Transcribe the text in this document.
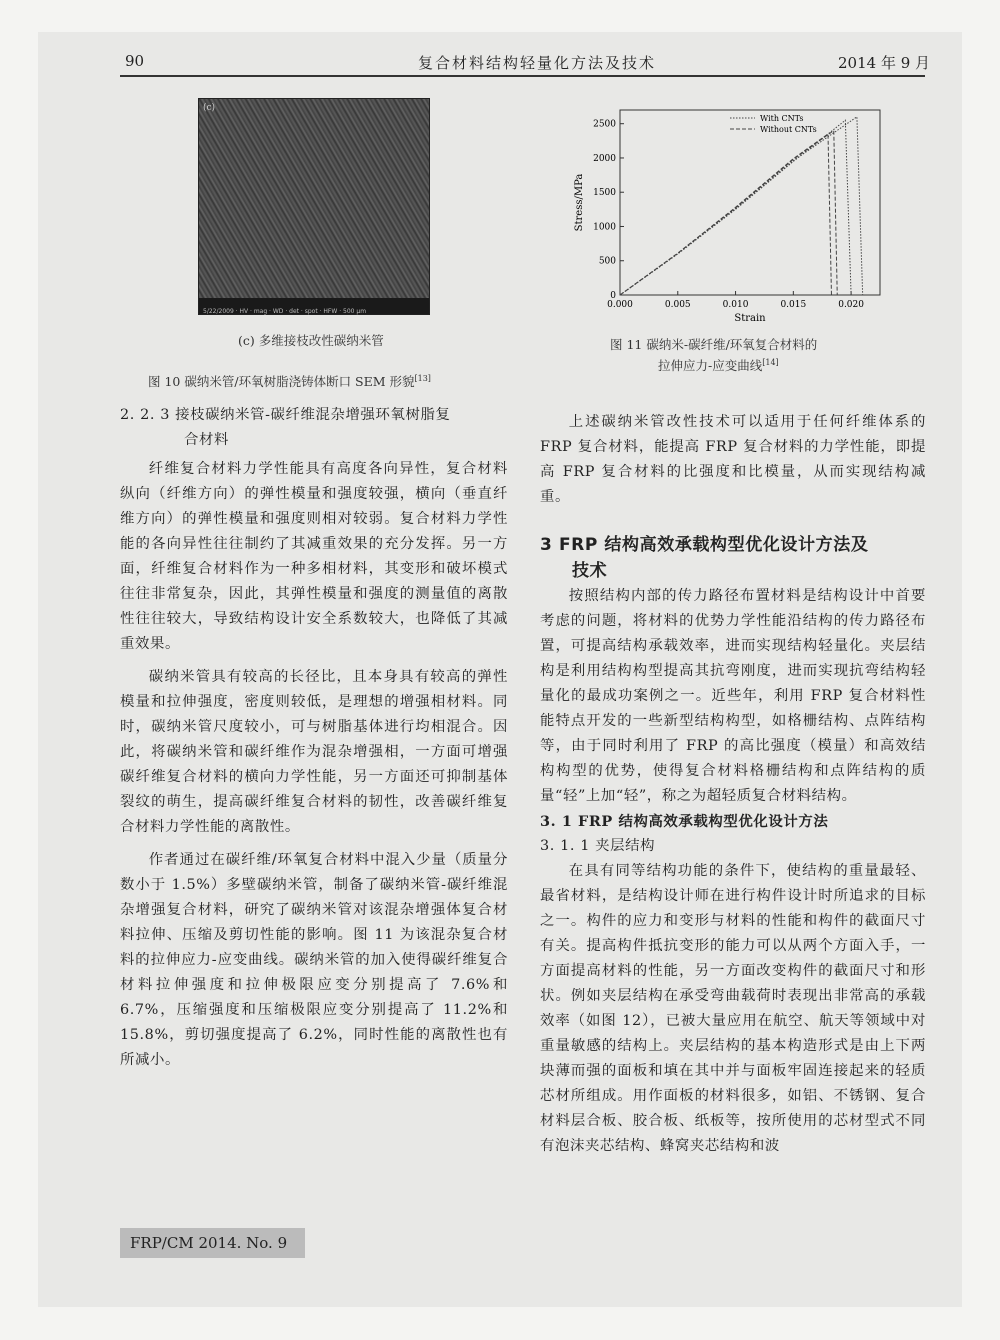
90	复合材料结构轻量化方法及技术	2014 年 9 月
(c)
5/22/2009 · HV · mag · WD · det · spot · HFW · 500 μm
(c) 多维接枝改性碳纳米管
图 10 碳纳米管/环氧树脂浇铸体断口 SEM 形貌[13]
0.000	0.005	0.010	0.015	0.020
0
500
1000
1500
2000
2500
Strain
Stress/MPa
With CNTs
Without CNTs
图 11 碳纳米-碳纤维/环氧复合材料的
拉伸应力-应变曲线[14]
2. 2. 3 接枝碳纳米管-碳纤维混杂增强环氧树脂复
合材料

纤维复合材料力学性能具有高度各向异性，复合材料纵向（纤维方向）的弹性模量和强度较强，横向（垂直纤维方向）的弹性模量和强度则相对较弱。复合材料力学性能的各向异性往往制约了其减重效果的充分发挥。另一方面，纤维复合材料作为一种多相材料，其变形和破坏模式往往非常复杂，因此，其弹性模量和强度的测量值的离散性往往较大，导致结构设计安全系数较大，也降低了其减重效果。

碳纳米管具有较高的长径比，且本身具有较高的弹性模量和拉伸强度，密度则较低，是理想的增强相材料。同时，碳纳米管尺度较小，可与树脂基体进行均相混合。因此，将碳纳米管和碳纤维作为混杂增强相，一方面可增强碳纤维复合材料的横向力学性能，另一方面还可抑制基体裂纹的萌生，提高碳纤维复合材料的韧性，改善碳纤维复合材料力学性能的离散性。

作者通过在碳纤维/环氧复合材料中混入少量（质量分数小于 1.5%）多壁碳纳米管，制备了碳纳米管-碳纤维混杂增强复合材料，研究了碳纳米管对该混杂增强体复合材料拉伸、压缩及剪切性能的影响。图 11 为该混杂复合材料的拉伸应力-应变曲线。碳纳米管的加入使得碳纤维复合材料拉伸强度和拉伸极限应变分别提高了 7.6%和 6.7%，压缩强度和压缩极限应变分别提高了 11.2%和 15.8%，剪切强度提高了 6.2%，同时性能的离散性也有所减小。

上述碳纳米管改性技术可以适用于任何纤维体系的 FRP 复合材料，能提高 FRP 复合材料的力学性能，即提高 FRP 复合材料的比强度和比模量，从而实现结构减重。

3 FRP 结构高效承载构型优化设计方法及
技术

按照结构内部的传力路径布置材料是结构设计中首要考虑的问题，将材料的优势力学性能沿结构的传力路径布置，可提高结构承载效率，进而实现结构轻量化。夹层结构是利用结构构型提高其抗弯刚度，进而实现抗弯结构轻量化的最成功案例之一。近些年，利用 FRP 复合材料性能特点开发的一些新型结构构型，如格栅结构、点阵结构等，由于同时利用了 FRP 的高比强度（模量）和高效结构构型的优势，使得复合材料格栅结构和点阵结构的质量“轻”上加“轻”，称之为超轻质复合材料结构。

3. 1 FRP 结构高效承载构型优化设计方法
3. 1. 1 夹层结构

在具有同等结构功能的条件下，使结构的重量最轻、最省材料，是结构设计师在进行构件设计时所追求的目标之一。构件的应力和变形与材料的性能和构件的截面尺寸有关。提高构件抵抗变形的能力可以从两个方面入手，一方面提高材料的性能，另一方面改变构件的截面尺寸和形状。例如夹层结构在承受弯曲载荷时表现出非常高的承载效率（如图 12），已被大量应用在航空、航天等领域中对重量敏感的结构上。夹层结构的基本构造形式是由上下两块薄而强的面板和填在其中并与面板牢固连接起来的轻质芯材所组成。用作面板的材料很多，如铝、不锈钢、复合材料层合板、胶合板、纸板等，按所使用的芯材型式不同有泡沫夹芯结构、蜂窝夹芯结构和波

FRP/CM 2014. No. 9
